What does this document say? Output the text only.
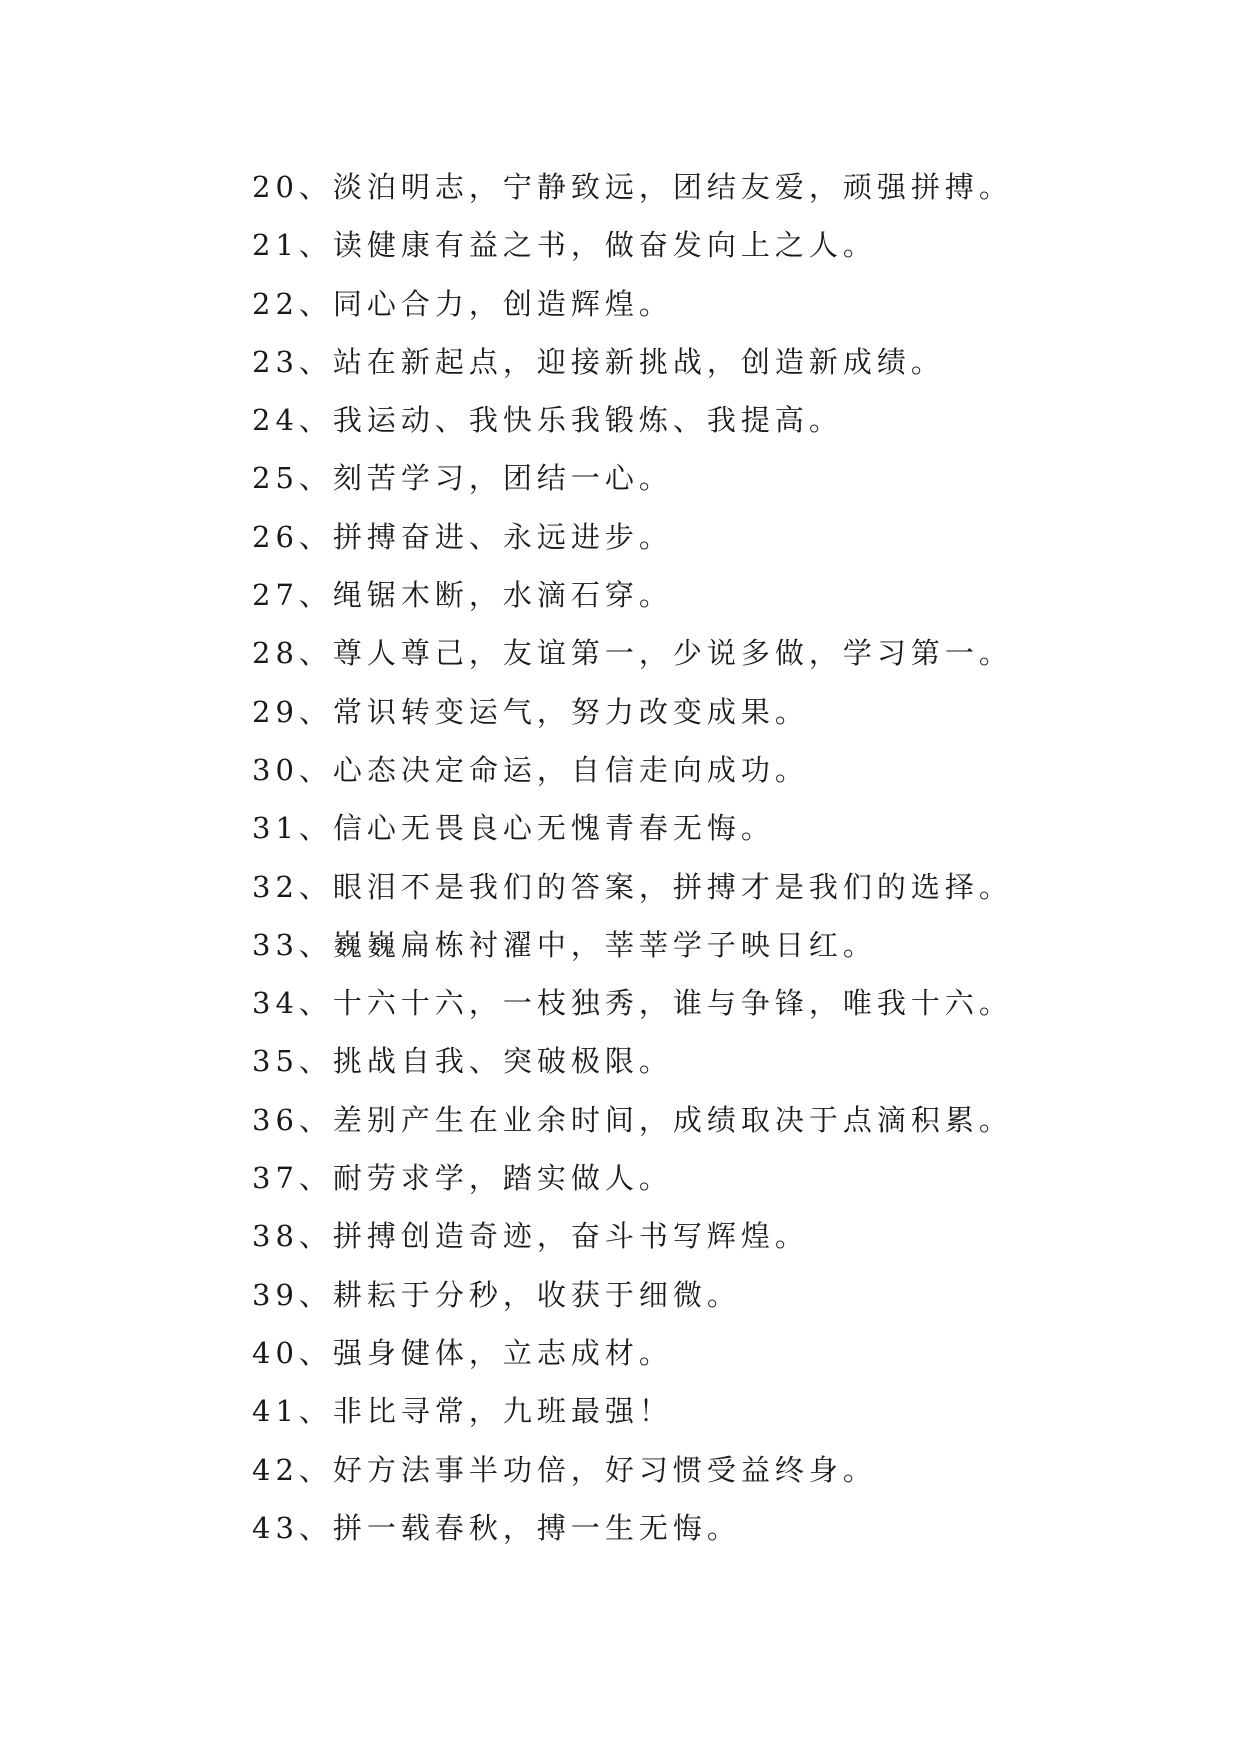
20、淡泊明志，宁静致远，团结友爱，顽强拼搏。
21、读健康有益之书，做奋发向上之人。
22、同心合力，创造辉煌。
23、站在新起点，迎接新挑战，创造新成绩。
24、我运动、我快乐我锻炼、我提高。
25、刻苦学习，团结一心。
26、拼搏奋进、永远进步。
27、绳锯木断，水滴石穿。
28、尊人尊己，友谊第一，少说多做，学习第一。
29、常识转变运气，努力改变成果。
30、心态决定命运，自信走向成功。
31、信心无畏良心无愧青春无悔。
32、眼泪不是我们的答案，拼搏才是我们的选择。
33、巍巍扁栋衬濯中，莘莘学子映日红。
34、十六十六，一枝独秀，谁与争锋，唯我十六。
35、挑战自我、突破极限。
36、差别产生在业余时间，成绩取决于点滴积累。
37、耐劳求学，踏实做人。
38、拼搏创造奇迹，奋斗书写辉煌。
39、耕耘于分秒，收获于细微。
40、强身健体，立志成材。
41、非比寻常，九班最强！
42、好方法事半功倍，好习惯受益终身。
43、拼一载春秋，搏一生无悔。
